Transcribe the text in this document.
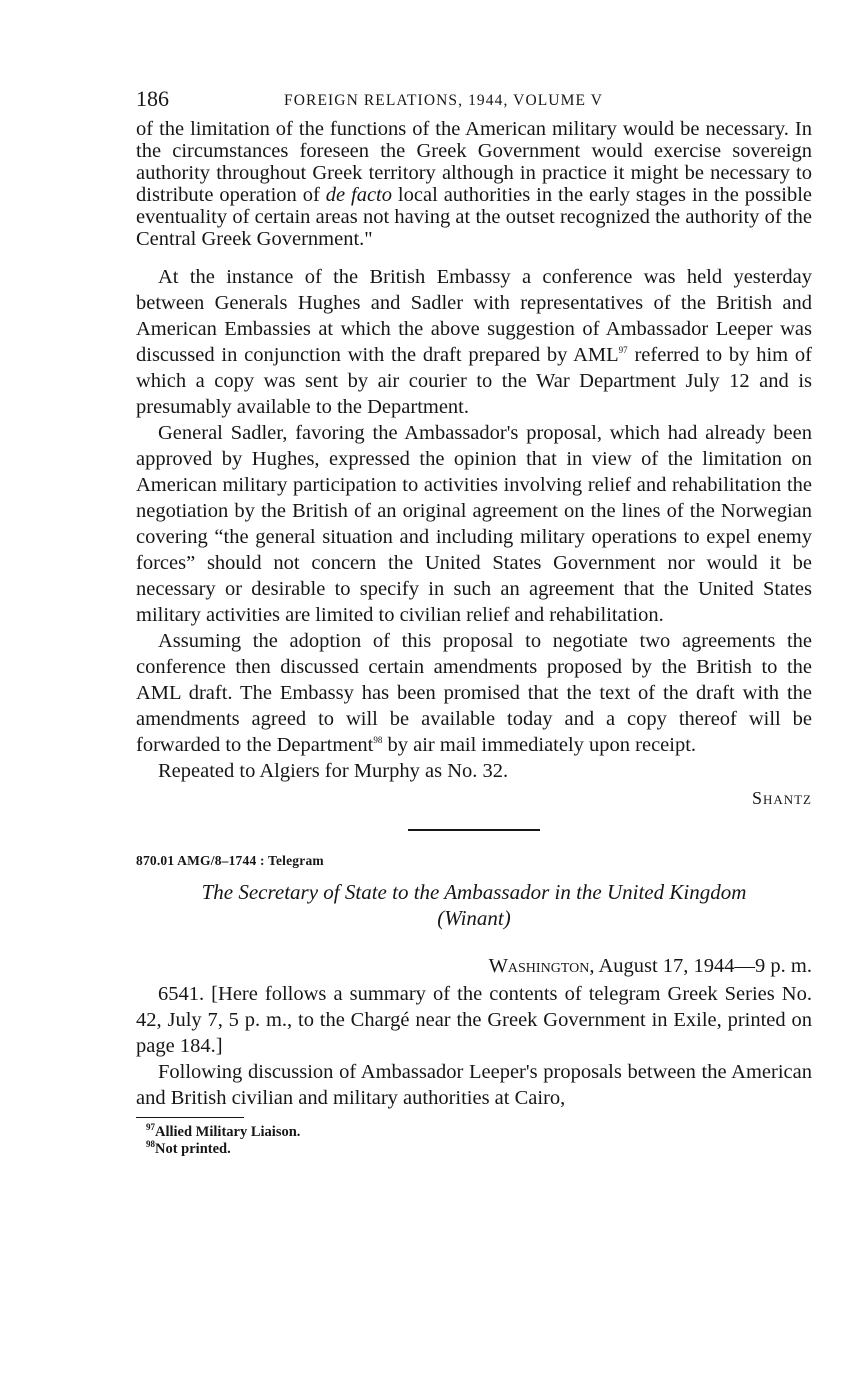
186	FOREIGN RELATIONS, 1944, VOLUME V

of the limitation of the functions of the American military would be necessary. In the circumstances foreseen the Greek Government would exercise sovereign authority throughout Greek territory although in practice it might be necessary to distribute operation of de facto local authorities in the early stages in the possible eventuality of certain areas not having at the outset recognized the authority of the Central Greek Government."

At the instance of the British Embassy a conference was held yesterday between Generals Hughes and Sadler with representatives of the British and American Embassies at which the above suggestion of Ambassador Leeper was discussed in conjunction with the draft prepared by AML$^{97}$ referred to by him of which a copy was sent by air courier to the War Department July 12 and is presumably available to the Department.

General Sadler, favoring the Ambassador's proposal, which had already been approved by Hughes, expressed the opinion that in view of the limitation on American military participation to activities involving relief and rehabilitation the negotiation by the British of an original agreement on the lines of the Norwegian covering “the general situation and including military operations to expel enemy forces” should not concern the United States Government nor would it be necessary or desirable to specify in such an agreement that the United States military activities are limited to civilian relief and rehabilitation.

Assuming the adoption of this proposal to negotiate two agreements the conference then discussed certain amendments proposed by the British to the AML draft. The Embassy has been promised that the text of the draft with the amendments agreed to will be available today and a copy thereof will be forwarded to the Department$^{98}$ by air mail immediately upon receipt.

Repeated to Algiers for Murphy as No. 32.

Shantz
870.01 AMG/8–1744 : Telegram
The Secretary of State to the Ambassador in the United Kingdom
(Winant)
Washington, August 17, 1944—9 p. m.

6541. [Here follows a summary of the contents of telegram Greek Series No. 42, July 7, 5 p. m., to the Chargé near the Greek Government in Exile, printed on page 184.]

Following discussion of Ambassador Leeper's proposals between the American and British civilian and military authorities at Cairo,

$^{97}$Allied Military Liaison.
$^{98}$Not printed.
